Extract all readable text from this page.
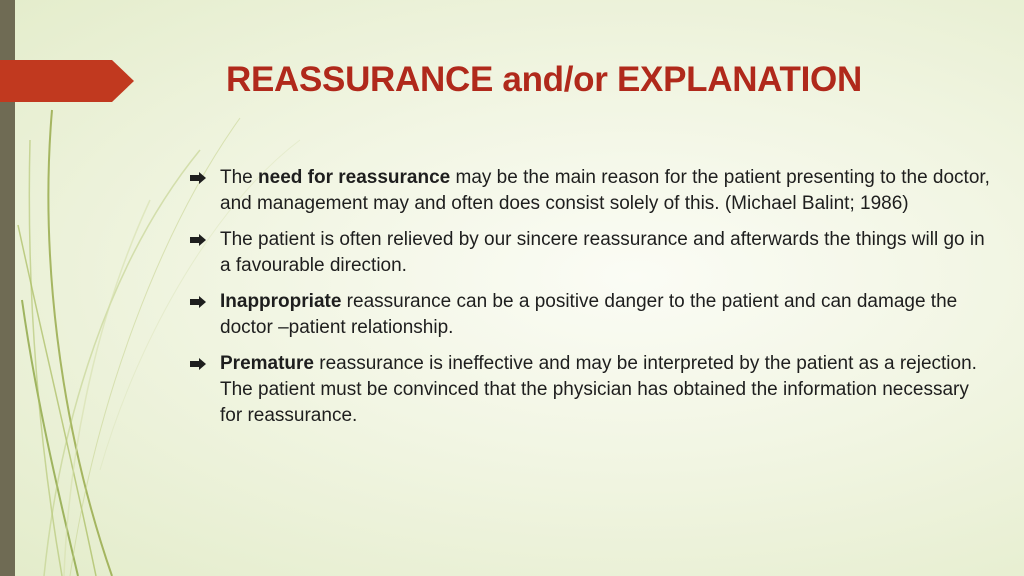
REASSURANCE and/or EXPLANATION
The need for reassurance may be the main reason for the patient presenting to the doctor, and management may and often does consist solely of this. (Michael Balint; 1986)
The patient is often relieved by our sincere reassurance and afterwards the things will go in a favourable direction.
Inappropriate reassurance can be a positive danger to the patient and can damage the doctor –patient relationship.
Premature reassurance is ineffective and may be interpreted by the patient as a rejection. The patient must be convinced that the physician has obtained the information necessary for reassurance.
